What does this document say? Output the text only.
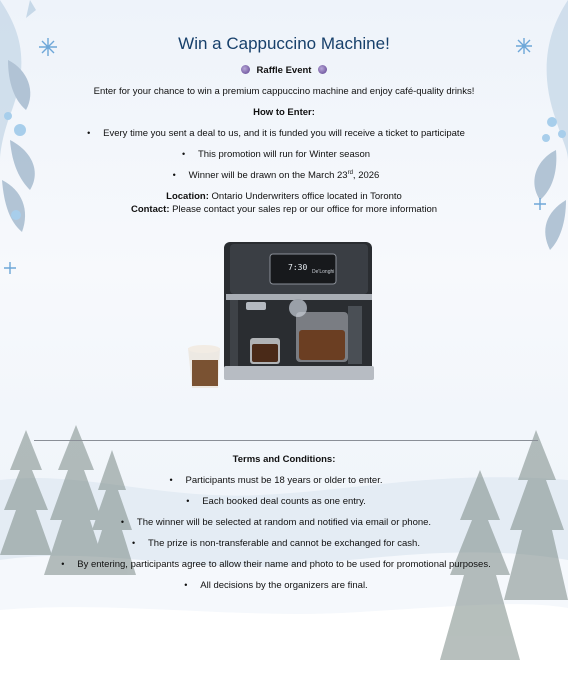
Win a Cappuccino Machine!
Raffle Event
Enter for your chance to win a premium cappuccino machine and enjoy café-quality drinks!
How to Enter:
• Every time you sent a deal to us, and it is funded you will receive a ticket to participate
• This promotion will run for Winter season
• Winner will be drawn on the March 23rd, 2026
Location: Ontario Underwriters office located in Toronto
Contact: Please contact your sales rep or our office for more information
7:30 De'Longhi
Terms and Conditions:
• Participants must be 18 years or older to enter.
• Each booked deal counts as one entry.
• The winner will be selected at random and notified via email or phone.
• The prize is non-transferable and cannot be exchanged for cash.
• By entering, participants agree to allow their name and photo to be used for promotional purposes.
• All decisions by the organizers are final.
